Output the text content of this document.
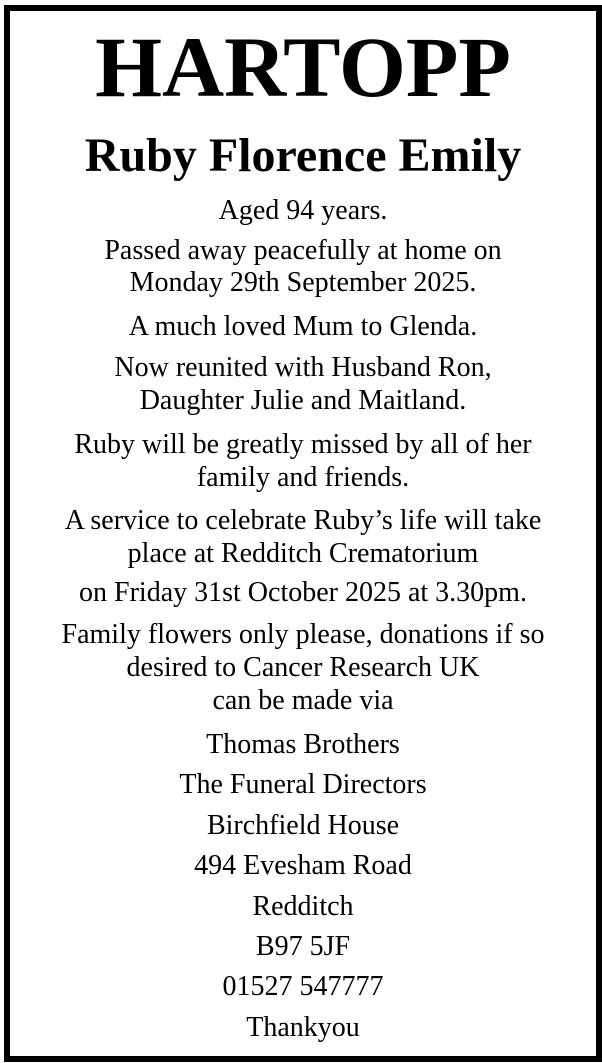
HARTOPP
Ruby Florence Emily
Aged 94 years.
Passed away peacefully at home on
Monday 29th September 2025.
A much loved Mum to Glenda.
Now reunited with Husband Ron,
Daughter Julie and Maitland.
Ruby will be greatly missed by all of her
family and friends.
A service to celebrate Ruby’s life will take
place at Redditch Crematorium
on Friday 31st October 2025 at 3.30pm.
Family flowers only please, donations if so
desired to Cancer Research UK
can be made via
Thomas Brothers
The Funeral Directors
Birchfield House
494 Evesham Road
Redditch
B97 5JF
01527 547777
Thankyou
